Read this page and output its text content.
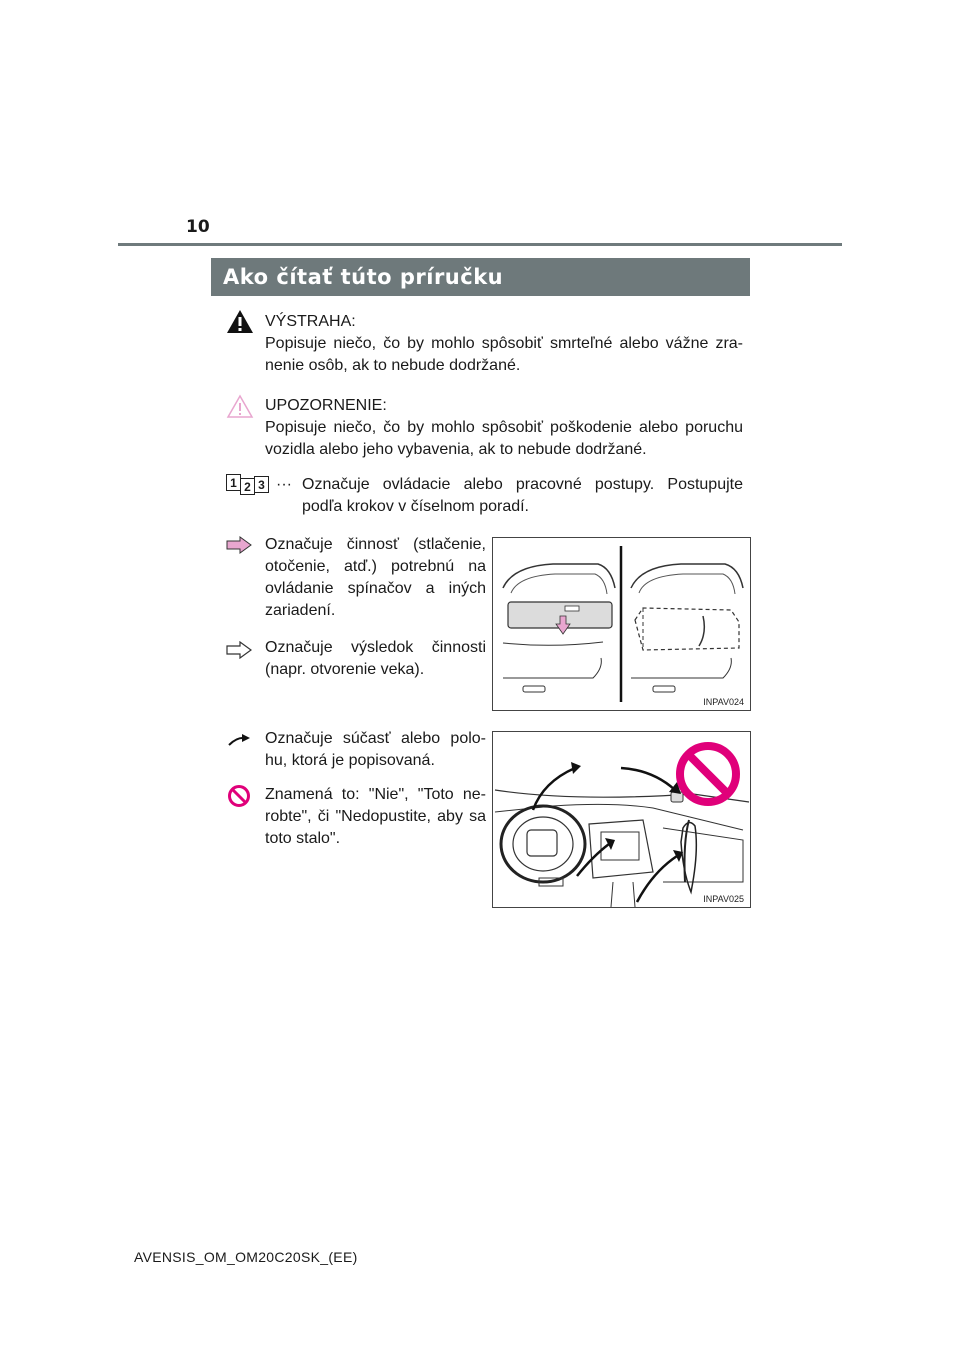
10
Ako čítať túto príručku

VÝSTRAHA:

Popisuje niečo, čo by mohlo spôsobiť smrteľné alebo vážne zra-nenie osôb, ak to nebude dodržané.

UPOZORNENIE:

Popisuje niečo, čo by mohlo spôsobiť poškodenie alebo poruchu vozidla alebo jeho vybavenia, ak to nebude dodržané.

1 2 3 ··· Označuje ovládacie alebo pracovné postupy. Postupujte podľa krokov v číselnom poradí.
Označuje činnosť (stlačenie, otočenie, atď.) potrebnú na ovládanie spínačov a iných zariadení.
Označuje výsledok činnosti (napr. otvorenie veka).
INPAV024
Označuje súčasť alebo polo-hu, ktorá je popisovaná.
Znamená to: "Nie", "Toto ne-robte", či "Nedopustite, aby sa toto stalo".
INPAV025
AVENSIS_OM_OM20C20SK_(EE)
